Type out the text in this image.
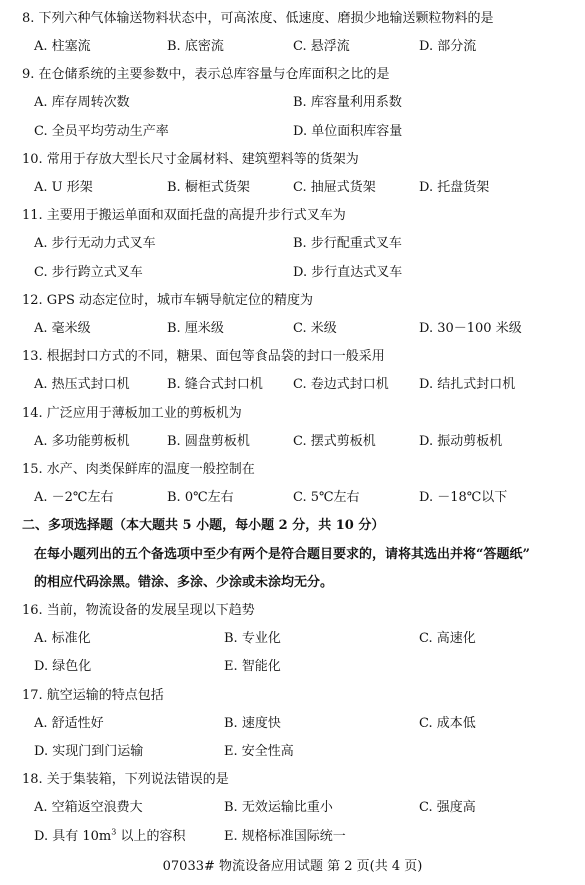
8. 下列六种气体输送物料状态中，可高浓度、低速度、磨损少地输送颗粒物料的是
A. 柱塞流	B. 底密流	C. 悬浮流	D. 部分流
9. 在仓储系统的主要参数中，表示总库容量与仓库面积之比的是
A. 库存周转次数	B. 库容量利用系数
C. 全员平均劳动生产率	D. 单位面积库容量
10. 常用于存放大型长尺寸金属材料、建筑塑料等的货架为
A. U 形架	B. 橱柜式货架	C. 抽屉式货架	D. 托盘货架
11. 主要用于搬运单面和双面托盘的高提升步行式叉车为
A. 步行无动力式叉车	B. 步行配重式叉车
C. 步行跨立式叉车	D. 步行直达式叉车
12. GPS 动态定位时，城市车辆导航定位的精度为
A. 毫米级	B. 厘米级	C. 米级	D. 30－100 米级
13. 根据封口方式的不同，糖果、面包等食品袋的封口一般采用
A. 热压式封口机	B. 缝合式封口机 C. 卷边式封口机 D. 结扎式封口机
14. 广泛应用于薄板加工业的剪板机为
A. 多功能剪板机	B. 圆盘剪板机	C. 摆式剪板机	D. 振动剪板机
15. 水产、肉类保鲜库的温度一般控制在
A. －2℃左右	B. 0℃左右	C. 5℃左右	D. －18℃以下
二、多项选择题（本大题共 5 小题，每小题 2 分，共 10 分）
在每小题列出的五个备选项中至少有两个是符合题目要求的，请将其选出并将“答题纸”
的相应代码涂黑。错涂、多涂、少涂或未涂均无分。
16. 当前，物流设备的发展呈现以下趋势
A. 标准化	B. 专业化	C. 高速化
D. 绿色化	E. 智能化
17. 航空运输的特点包括
A. 舒适性好	B. 速度快	C. 成本低
D. 实现门到门运输	E. 安全性高
18. 关于集装箱，下列说法错误的是
A. 空箱返空浪费大	B. 无效运输比重小	C. 强度高
D. 具有 $10m^3$ 以上的容积	E. 规格标准国际统一
07033# 物流设备应用试题 第 2 页(共 4 页)
